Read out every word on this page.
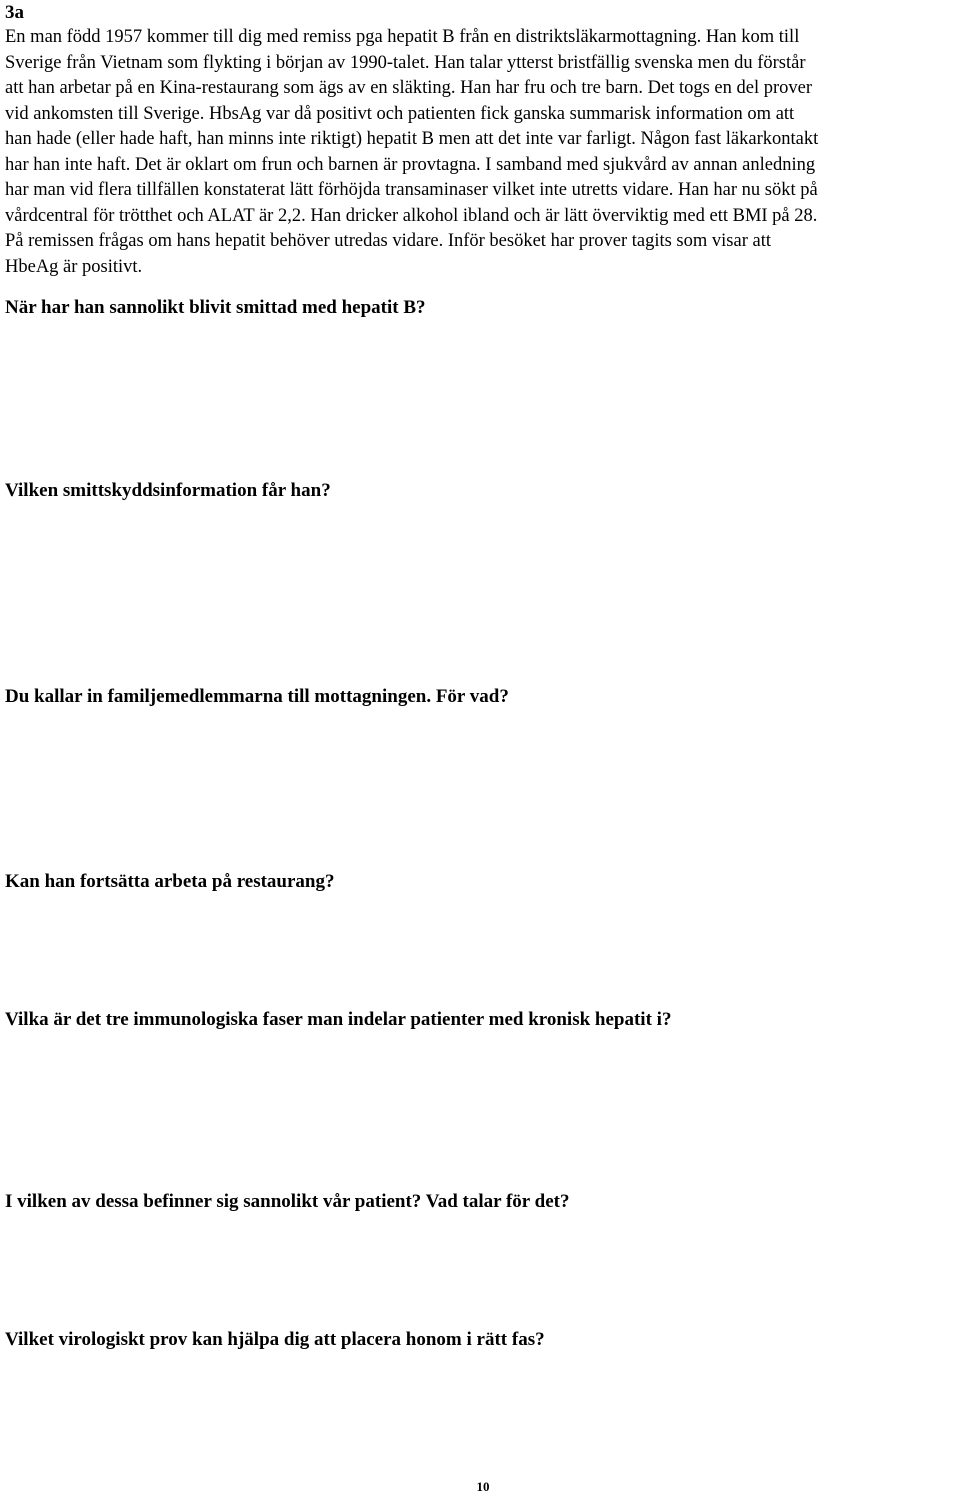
3a

En man född 1957 kommer till dig med remiss pga hepatit B från en distriktsläkarmottagning. Han kom till
Sverige från Vietnam som flykting i början av 1990-talet. Han talar ytterst bristfällig svenska men du förstår
att han arbetar på en Kina-restaurang som ägs av en släkting. Han har fru och tre barn. Det togs en del prover
vid ankomsten till Sverige. HbsAg var då positivt och patienten fick ganska summarisk information om att
han hade (eller hade haft, han minns inte riktigt) hepatit B men att det inte var farligt. Någon fast läkarkontakt
har han inte haft. Det är oklart om frun och barnen är provtagna. I samband med sjukvård av annan anledning
har man vid flera tillfällen konstaterat lätt förhöjda transaminaser vilket inte utretts vidare. Han har nu sökt på
vårdcentral för trötthet och ALAT är 2,2. Han dricker alkohol ibland och är lätt överviktig med ett BMI på 28.
På remissen frågas om hans hepatit behöver utredas vidare. Inför besöket har prover tagits som visar att
HbeAg är positivt.

När har han sannolikt blivit smittad med hepatit B?

Vilken smittskyddsinformation får han?

Du kallar in familjemedlemmarna till mottagningen. För vad?

Kan han fortsätta arbeta på restaurang?

Vilka är det tre immunologiska faser man indelar patienter med kronisk hepatit i?

I vilken av dessa befinner sig sannolikt vår patient? Vad talar för det?

Vilket virologiskt prov kan hjälpa dig att placera honom i rätt fas?

10
